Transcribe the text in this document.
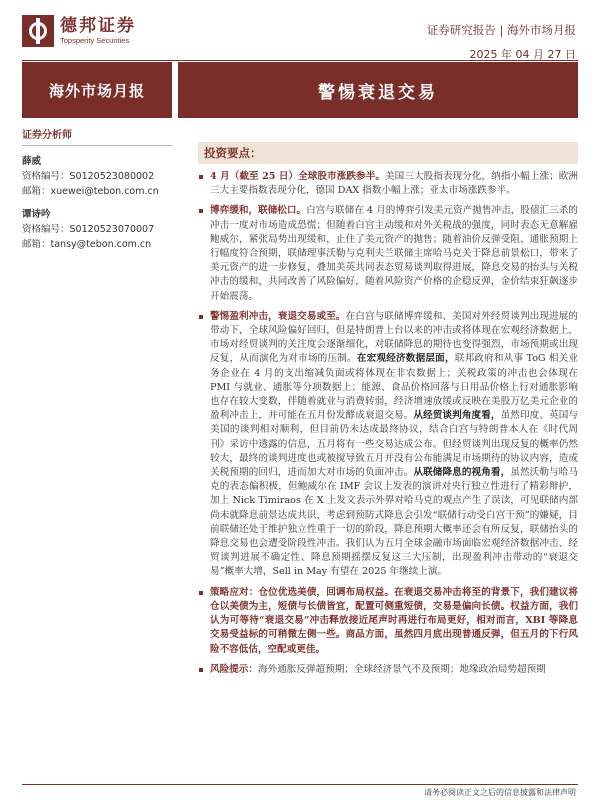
德邦证券
Topsperity Securities
证券研究报告 | 海外市场月报
2025 年 04 月 27 日
海外市场月报	警惕衰退交易
证券分析师
薛威
资格编号：S0120523080002
邮箱：xuewei@tebon.com.cn
谭诗吟
资格编号：S0120523070007
邮箱：tansy@tebon.com.cn
投资要点：
4 月（截至 25 日）全球股市涨跌参半。美国三大股指表现分化，纳指小幅上涨；欧洲三大主要指数表现分化，德国 DAX 指数小幅上涨；亚太市场涨跌参半。
博弈缓和，联储松口。白宫与联储在 4 月的博弈引发美元资产抛售冲击，股债汇三杀的冲击一度对市场造成恐慌；但随着白宫主动缓和对外关税战的强度，同时表态无意解雇鲍威尔，紧张局势出现缓和，止住了美元资产的抛售；随着油价反弹受阻、通胀预期上行幅度符合预期，联储理事沃勒与克利夫兰联储主席哈马克关于降息前景松口，带来了美元资产的进一步修复，叠加美英共同表态贸易谈判取得进展，降息交易的抬头与关税冲击的缓和，共同改善了风险偏好，随着风险资产价格的企稳反弹，金价结束狂飙逐步开始震荡。
警惕盈利冲击，衰退交易或至。在白宫与联储博弈缓和、美国对外经贸谈判出现进展的带动下，全球风险偏好回归，但是特朗普上台以来的冲击或将体现在宏观经济数据上，市场对经贸谈判的关注度会逐渐细化，对联储降息的期待也变得强烈，市场预期或出现反复，从而演化为对市场的压制。在宏观经济数据层面，联邦政府和从事 ToG 相关业务企业在 4 月的支出缩减负面或将体现在非农数据上；关税政策的冲击也会体现在 PMI 与就业、通胀等分项数据上；能源、食品价格回落与日用品价格上行对通胀影响也存在较大变数，伴随着就业与消费转弱，经济增速放缓或反映在美股万亿美元企业的盈利冲击上，并可能在五月份发酵成衰退交易。从经贸谈判角度看，虽然印度、英国与美国的谈判相对顺利，但目前仍未达成最终协议，结合白宫与特朗普本人在《时代周刊》采访中透露的信息，五月将有一些交易达成公布。但经贸谈判出现反复的概率仍然较大，最终的谈判进度也或被搅导致五月并没有公布能满足市场期待的协议内容，造成关税预期的回归，进而加大对市场的负面冲击。从联储降息的视角看，虽然沃勒与哈马克的表态偏积极，但鲍威尔在 IMF 会议上发表的演讲对央行独立性进行了精彩辩护，加上 Nick Timiraos 在 X 上发文表示外界对哈马克的观点产生了误读，可见联储内部尚未就降息前景达成共识，考虑到预防式降息会引发“联储行动受白宫干预”的嫌疑，目前联储还处于维护独立性重于一切的阶段，降息预期大概率还会有所反复，联储抬头的降息交易也会遭受阶段性冲击。我们认为五月全球金融市场面临宏观经济数据冲击、经贸谈判进展不确定性、降息预期摇摆反复这三大压制，出现盈利冲击带动的“衰退交易”概率大增，Sell in May 有望在 2025 年继续上演。
策略应对：仓位优选美债，回调布局权益。在衰退交易冲击将至的背景下，我们建议将仓以美债为主，短债与长债皆宜，配置可侧重短债，交易是偏向长债。权益方面，我们认为可等待“衰退交易”冲击释放接近尾声时再进行布局更好，相对而言，XBI 等降息交易受益标的可稍微左侧一些。商品方面，虽然四月底出现普通反弹，但五月的下行风险不容低估，空配或更佳。
风险提示：海外通胀反弹超预期；全球经济景气不及预期；地缘政治局势超预期
请务必阅读正文之后的信息披露和法律声明
